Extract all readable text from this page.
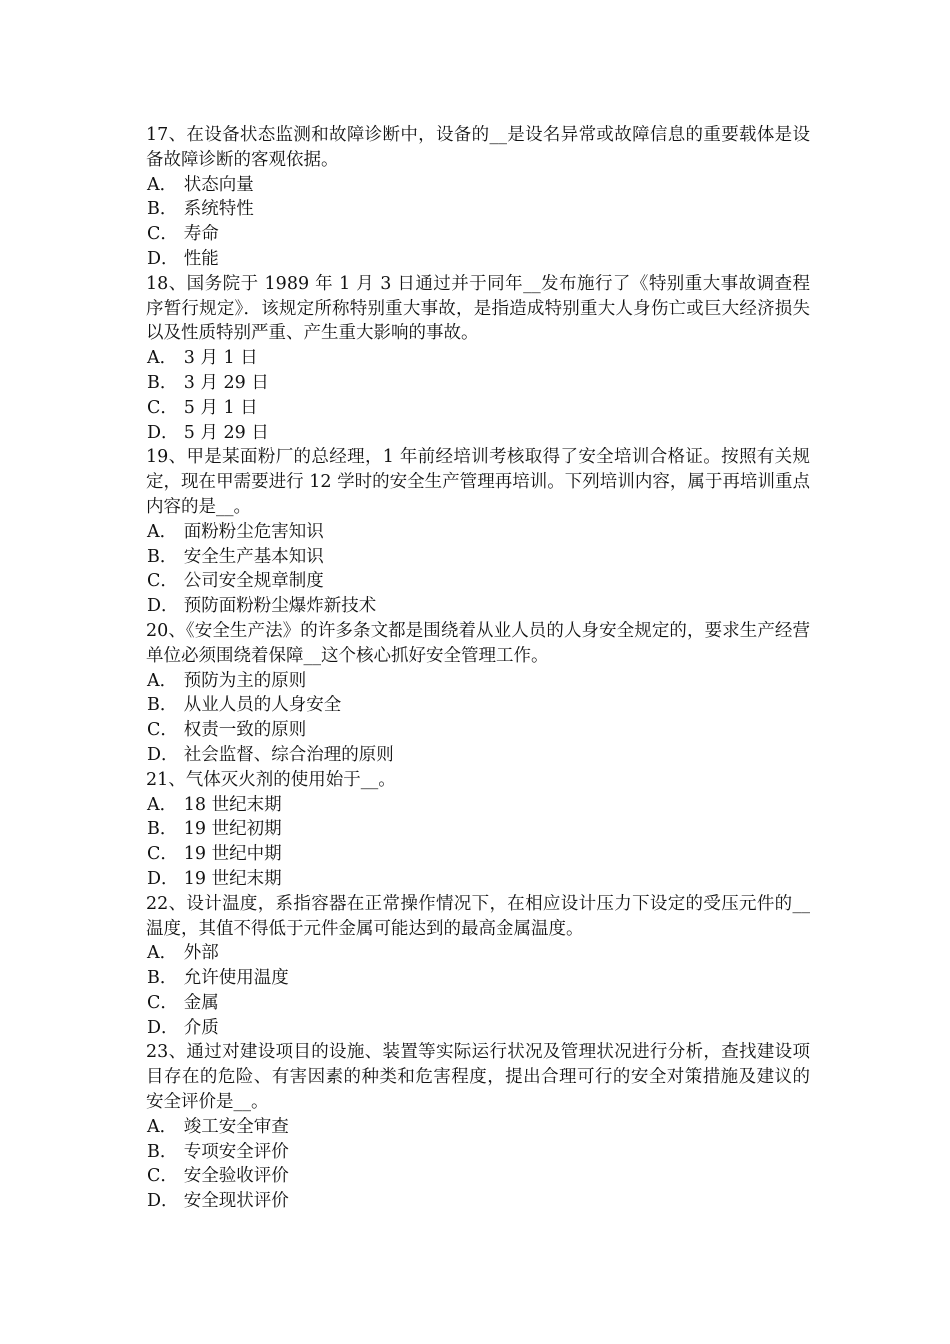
17、在设备状态监测和故障诊断中，设备的__是设名异常或故障信息的重要载体是设备故障诊断的客观依据。

A． 状态向量
B． 系统特性
C． 寿命
D． 性能

18、国务院于 1989 年 1 月 3 日通过并于同年__发布施行了《特别重大事故调查程序暂行规定》．该规定所称特别重大事故，是指造成特别重大人身伤亡或巨大经济损失以及性质特别严重、产生重大影响的事故。

A． 3 月 1 日
B． 3 月 29 日
C． 5 月 1 日
D． 5 月 29 日

19、甲是某面粉厂的总经理，1 年前经培训考核取得了安全培训合格证。按照有关规定，现在甲需要进行 12 学时的安全生产管理再培训。下列培训内容，属于再培训重点内容的是__。

A． 面粉粉尘危害知识
B． 安全生产基本知识
C． 公司安全规章制度
D． 预防面粉粉尘爆炸新技术

20、《安全生产法》的许多条文都是围绕着从业人员的人身安全规定的，要求生产经营单位必须围绕着保障__这个核心抓好安全管理工作。

A． 预防为主的原则
B． 从业人员的人身安全
C． 权责一致的原则
D． 社会监督、综合治理的原则

21、气体灭火剂的使用始于__。

A． 18 世纪末期
B． 19 世纪初期
C． 19 世纪中期
D． 19 世纪末期

22、设计温度，系指容器在正常操作情况下，在相应设计压力下设定的受压元件的__温度，其值不得低于元件金属可能达到的最高金属温度。

A． 外部
B． 允许使用温度
C． 金属
D． 介质

23、通过对建设项目的设施、装置等实际运行状况及管理状况进行分析，查找建设项目存在的危险、有害因素的种类和危害程度，提出合理可行的安全对策措施及建议的安全评价是__。

A． 竣工安全审查
B． 专项安全评价
C． 安全验收评价
D． 安全现状评价
